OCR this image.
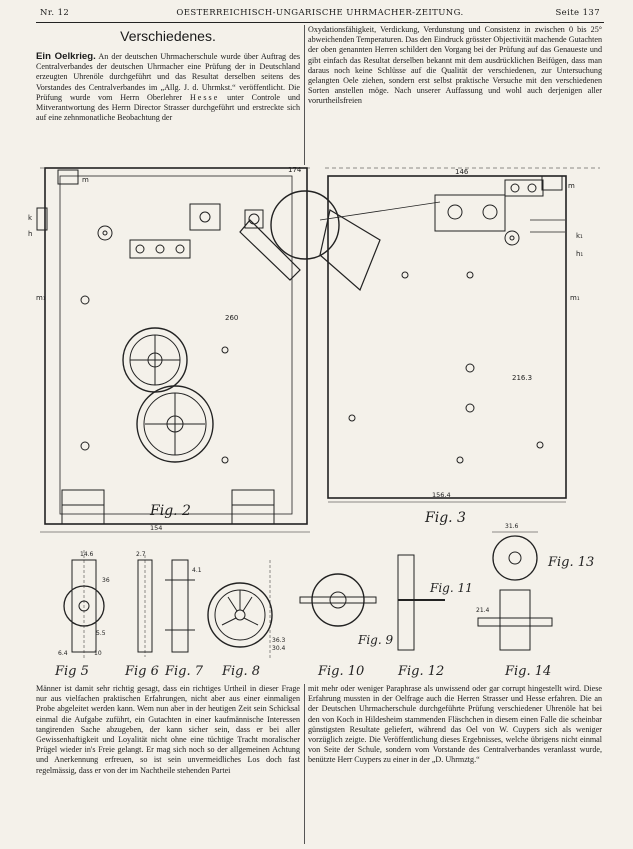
Nr. 12	OESTERREICHISCH-UNGARISCHE UHRMACHER-ZEITUNG.	Seite 137
Verschiedenes.
Ein Oelkrieg. An der deutschen Uhrmacherschule wurde über Auftrag des Centralverbandes der deutschen Uhrmacher eine Prüfung der in Deutschland erzeugten Uhrenöle durchgeführt und das Resultat derselben seitens des Vorstandes des Centralverbandes im „Allg. J. d. Uhrmkst.“ veröffentlicht. Die Prüfung wurde vom Herrn Oberlehrer Hesse unter Controle und Mitverantwortung des Herrn Director Strasser durchgeführt und erstreckte sich auf eine zehnmonatliche Beobachtung der
Oxydationsfähigkeit, Verdickung, Verdunstung und Consistenz in zwischen 0 bis 25° abweichenden Temperaturen. Das den Eindruck grösster Objectivität machende Gutachten der oben genannten Herren schildert den Vorgang bei der Prüfung auf das Genaueste und gibt einfach das Resultat derselben bekannt mit dem ausdrücklichen Beifügen, dass man daraus noch keine Schlüsse auf die Qualität der verschiedenen, zur Untersuchung gelangten Oele ziehen, sondern erst selbst praktische Versuche mit den verschiedenen Sorten anstellen möge. Nach unserer Auffassung und wohl auch derjenigen aller vorurtheilsfreien
m
260
k
h
m₁
Fig. 2
154
174	146
m
216.3
m₁
k₁
h₁
156.4
Fig. 3
14.6
36
5.5
6.4	10
Fig 5
2.7
Fig 6
4.1
Fig. 7
36.3
30.4
Fig. 8
Fig. 9
Fig. 10
Fig. 11
Fig. 12
31.6
Fig. 13
21.4
Fig. 14
Männer ist damit sehr richtig gesagt, dass ein richtiges Urtheil in dieser Frage nur aus vielfachen praktischen Erfahrungen, nicht aber aus einer einmaligen Probe abgeleitet werden kann. Wem nun aber in der heutigen Zeit sein Schicksal einmal die Aufgabe zuführt, ein Gutachten in einer kaufmännische Interessen tangirenden Sache abzugeben, der kann sicher sein, dass er bei aller Gewissenhaftigkeit und Loyalität nicht ohne eine tüchtige Tracht moralischer Prügel wieder in's Freie gelangt. Er mag sich noch so der allgemeinen Achtung und Anerkennung erfreuen, so ist sein unvermeidliches Los doch fast regelmässig, dass er von der im Nachtheile stehenden Partei
mit mehr oder weniger Paraphrase als unwissend oder gar corrupt hingestellt wird. Diese Erfahrung mussten in der Oelfrage auch die Herren Strasser und Hesse erfahren. Die an der Deutschen Uhrmacherschule durchgeführte Prüfung verschiedener Uhrenöle hat bei den von Koch in Hildesheim stammenden Fläschchen in diesem einen Falle die scheinbar günstigsten Resultate geliefert, während das Oel von W. Cuypers sich als weniger vorzüglich zeigte. Die Veröffentlichung dieses Ergebnisses, welche übrigens nicht einmal von Seite der Schule, sondern vom Vorstande des Centralverbandes veranlasst wurde, benützte Herr Cuypers zu einer in der „D. Uhrmztg.“
